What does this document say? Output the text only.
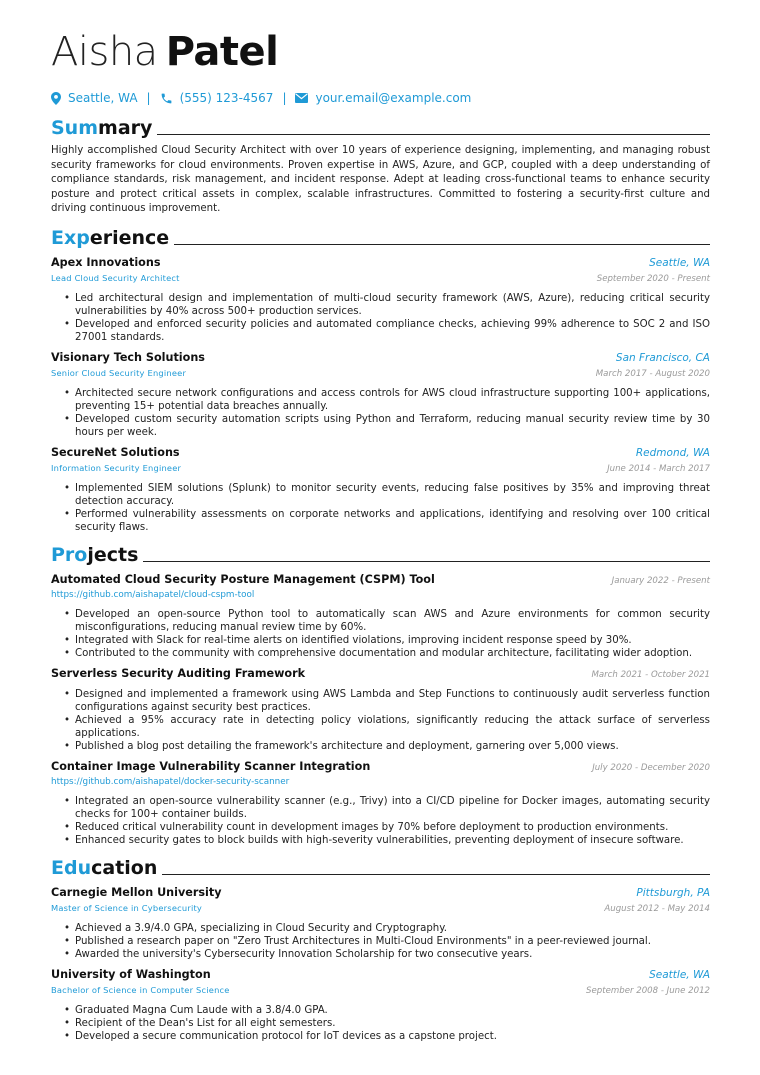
Aisha Patel
Seattle, WA | (555) 123-4567 | your.email@example.com
Summary

Highly accomplished Cloud Security Architect with over 10 years of experience designing, implementing, and managing robust security frameworks for cloud environments. Proven expertise in AWS, Azure, and GCP, coupled with a deep understanding of compliance standards, risk management, and incident response. Adept at leading cross-functional teams to enhance security posture and protect critical assets in complex, scalable infrastructures. Committed to fostering a security-first culture and driving continuous improvement.

Experience
Apex Innovations	Seattle, WA
Lead Cloud Security Architect	September 2020 - Present
• Led architectural design and implementation of multi-cloud security framework (AWS, Azure), reducing critical security vulnerabilities by 40% across 500+ production services.
• Developed and enforced security policies and automated compliance checks, achieving 99% adherence to SOC 2 and ISO 27001 standards.
Visionary Tech Solutions	San Francisco, CA
Senior Cloud Security Engineer	March 2017 - August 2020
• Architected secure network configurations and access controls for AWS cloud infrastructure supporting 100+ applications, preventing 15+ potential data breaches annually.
• Developed custom security automation scripts using Python and Terraform, reducing manual security review time by 30 hours per week.
SecureNet Solutions	Redmond, WA
Information Security Engineer	June 2014 - March 2017
• Implemented SIEM solutions (Splunk) to monitor security events, reducing false positives by 35% and improving threat detection accuracy.
• Performed vulnerability assessments on corporate networks and applications, identifying and resolving over 100 critical security flaws.
Projects
Automated Cloud Security Posture Management (CSPM) Tool	January 2022 - Present
https://github.com/aishapatel/cloud-cspm-tool
• Developed an open-source Python tool to automatically scan AWS and Azure environments for common security misconfigurations, reducing manual review time by 60%.
• Integrated with Slack for real-time alerts on identified violations, improving incident response speed by 30%.
• Contributed to the community with comprehensive documentation and modular architecture, facilitating wider adoption.
Serverless Security Auditing Framework	March 2021 - October 2021
• Designed and implemented a framework using AWS Lambda and Step Functions to continuously audit serverless function configurations against security best practices.
• Achieved a 95% accuracy rate in detecting policy violations, significantly reducing the attack surface of serverless applications.
• Published a blog post detailing the framework's architecture and deployment, garnering over 5,000 views.
Container Image Vulnerability Scanner Integration	July 2020 - December 2020
https://github.com/aishapatel/docker-security-scanner
• Integrated an open-source vulnerability scanner (e.g., Trivy) into a CI/CD pipeline for Docker images, automating security checks for 100+ container builds.
• Reduced critical vulnerability count in development images by 70% before deployment to production environments.
• Enhanced security gates to block builds with high-severity vulnerabilities, preventing deployment of insecure software.
Education
Carnegie Mellon University	Pittsburgh, PA
Master of Science in Cybersecurity	August 2012 - May 2014
• Achieved a 3.9/4.0 GPA, specializing in Cloud Security and Cryptography.
• Published a research paper on "Zero Trust Architectures in Multi-Cloud Environments" in a peer-reviewed journal.
• Awarded the university's Cybersecurity Innovation Scholarship for two consecutive years.
University of Washington	Seattle, WA
Bachelor of Science in Computer Science	September 2008 - June 2012
• Graduated Magna Cum Laude with a 3.8/4.0 GPA.
• Recipient of the Dean's List for all eight semesters.
• Developed a secure communication protocol for IoT devices as a capstone project.
